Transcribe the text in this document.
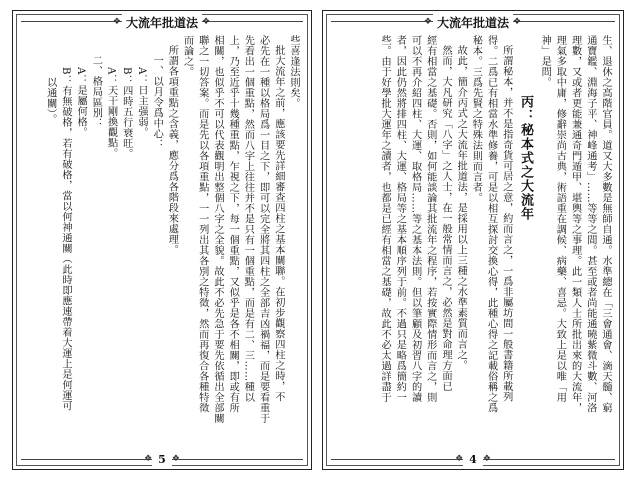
❖ 大流年批道法 ❖

些喜逢法則矣。

批大流年之前，應該要先詳細審查四柱之基本關聯。在初步觀察四柱之時，不

必先在一種以格局爲一目之下，即可以完全將其四柱之全部吉凶禍福，而是要看重于

先看出一個重點，然而八字上往往并不是只有一個重點，而是有二、三……種以

上，乃至近乎十幾種重點，乍視之下，每一個重點，又似乎是各不相關，即或有所

相關，也似乎不可以代表觀明出整個八字之全貌。故此不必先急于要先依循出全部關

聯之一切答案。而是先以各項重點，一一列出其各別之特徵，然而再復合各種特徵

而論之。

所謂各項重點之含義，應分爲各階段來處理。

一、以月令爲中心：

A：日主强弱。

B：四時五行衰旺。

A：天干剛換觀點。

二、格局區別：

A：是屬何格。

B：有無破格，若有破格，當以何神通關（此時即應連帶着大運上是何運可

以通關）。

❖ 5 ❖
❖ 大流年批道法 ❖

生、退休之高階官員。道又大多數是無師自通。水準總在「三會通會、滴天髓、窮

通寶鑑、淵海子平、神峰通考」……等等之間。甚至或者尚能通曉紫微斗數、河洛

理數，又或者更能兼通奇門遁甲、堪輿等之事理。此一類人士所批出來的大流年，

理氣多取中庸，修辭崇尚古典，術語重在調候、病藥、喜忌。大致上是以唯「用

神」是問。

丙：秘本式之大流年

所謂秘本，并不是指奇貨可居之意，約而言之，一爲非屬坊間一般書籍所載列

得。二爲已有相當水準修養，可是以相互探討交換心得，此種心得之記載俗稱之爲

秘本。三爲先賢之特殊法則而言者。

故此，簡介丙式之大流年批道法，是採用以上三種之水準素質而言之。

然而，大凡研究「八字」之人士，在一般常情而言之，必然是對命理方面已

經有相當之基礎。否則，如何能談論其批流年之程序，若按實際情形而言之，則

可以不再介紹四柱、大運、取格局……等之基本法則。但以筆顧及初習八字的讀

者，因此仍然將排四柱、大運、格局等之基本順序列于前。不過只是略爲簡約一

些。由于好學批大運年之讀者，也都是已經有相當之基礎，故此不必太過詳盡于

❖ 4 ❖
